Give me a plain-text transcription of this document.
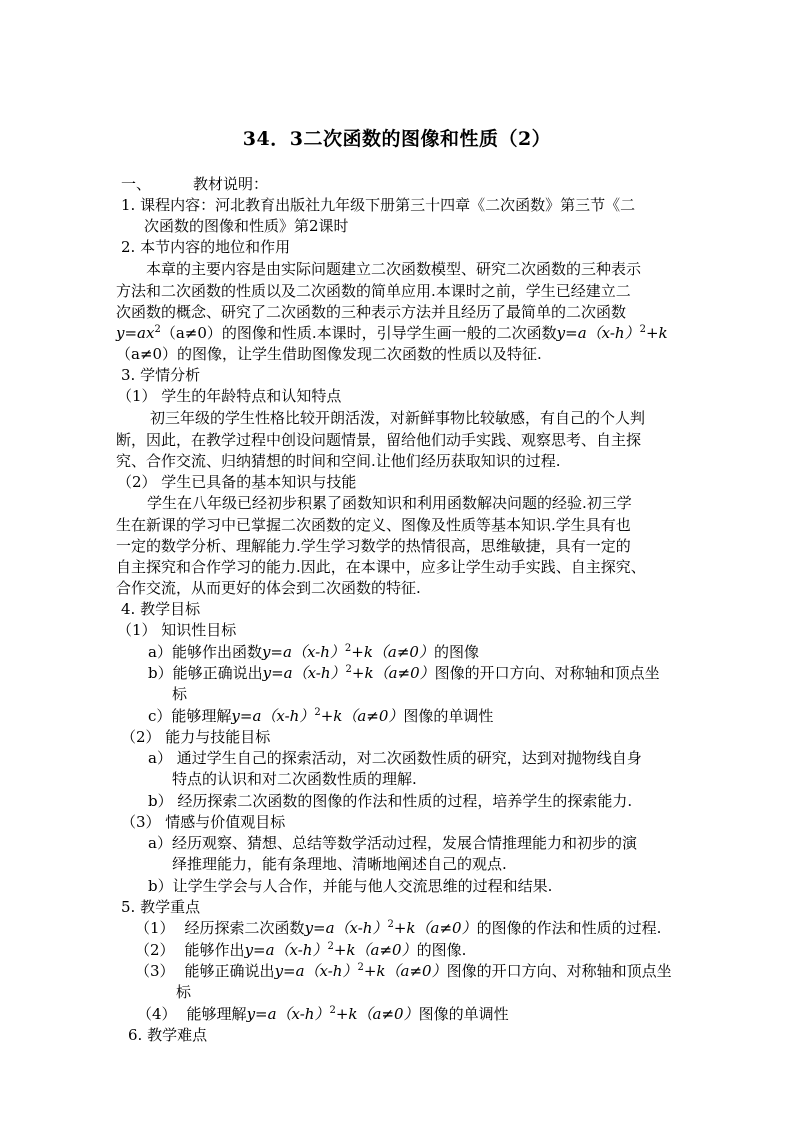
34．3二次函数的图像和性质（2）
一、	教材说明：
1. 课程内容：河北教育出版社九年级下册第三十四章《二次函数》第三节《二
次函数的图像和性质》第2课时
2. 本节内容的地位和作用
本章的主要内容是由实际问题建立二次函数模型、研究二次函数的三种表示
方法和二次函数的性质以及二次函数的简单应用.本课时之前，学生已经建立二
次函数的概念、研究了二次函数的三种表示方法并且经历了最简单的二次函数
$y=ax^2(a\ne 0)$的图像和性质.本课时，引导学生画一般的二次函数$y=a(x-h)^2+k$
（a≠0）的图像，让学生借助图像发现二次函数的性质以及特征.
3. 学情分析
（1） 学生的年龄特点和认知特点
初三年级的学生性格比较开朗活泼，对新鲜事物比较敏感，有自己的个人判
断，因此，在教学过程中创设问题情景，留给他们动手实践、观察思考、自主探
究、合作交流、归纳猜想的时间和空间.让他们经历获取知识的过程.
（2） 学生已具备的基本知识与技能
学生在八年级已经初步积累了函数知识和利用函数解决问题的经验.初三学
生在新课的学习中已掌握二次函数的定义、图像及性质等基本知识.学生具有也
一定的数学分析、理解能力.学生学习数学的热情很高，思维敏捷，具有一定的
自主探究和合作学习的能力.因此，在本课中，应多让学生动手实践、自主探究、
合作交流，从而更好的体会到二次函数的特征.
4. 教学目标
（1） 知识性目标
a）能够作出函数$y=a(x-h)^2+k(a\ne 0)$的图像
b）能够正确说出$y=a(x-h)^2+k(a\ne 0)$图像的开口方向、对称轴和顶点坐
标
c）能够理解$y=a(x-h)^2+k(a\ne 0)$图像的单调性
（2） 能力与技能目标
a） 通过学生自己的探索活动，对二次函数性质的研究，达到对抛物线自身
特点的认识和对二次函数性质的理解.
b） 经历探索二次函数的图像的作法和性质的过程，培养学生的探索能力.
（3） 情感与价值观目标
a）经历观察、猜想、总结等数学活动过程，发展合情推理能力和初步的演
绎推理能力，能有条理地、清晰地阐述自己的观点.
b）让学生学会与人合作，并能与他人交流思维的过程和结果.
5. 教学重点
（1） 经历探索二次函数$y=a(x-h)^2+k(a\ne 0)$的图像的作法和性质的过程.
（2） 能够作出$y=a(x-h)^2+k(a\ne 0)$的图像.
（3） 能够正确说出$y=a(x-h)^2+k(a\ne 0)$图像的开口方向、对称轴和顶点坐
标
（4） 能够理解$y=a(x-h)^2+k(a\ne 0)$图像的单调性
6. 教学难点
